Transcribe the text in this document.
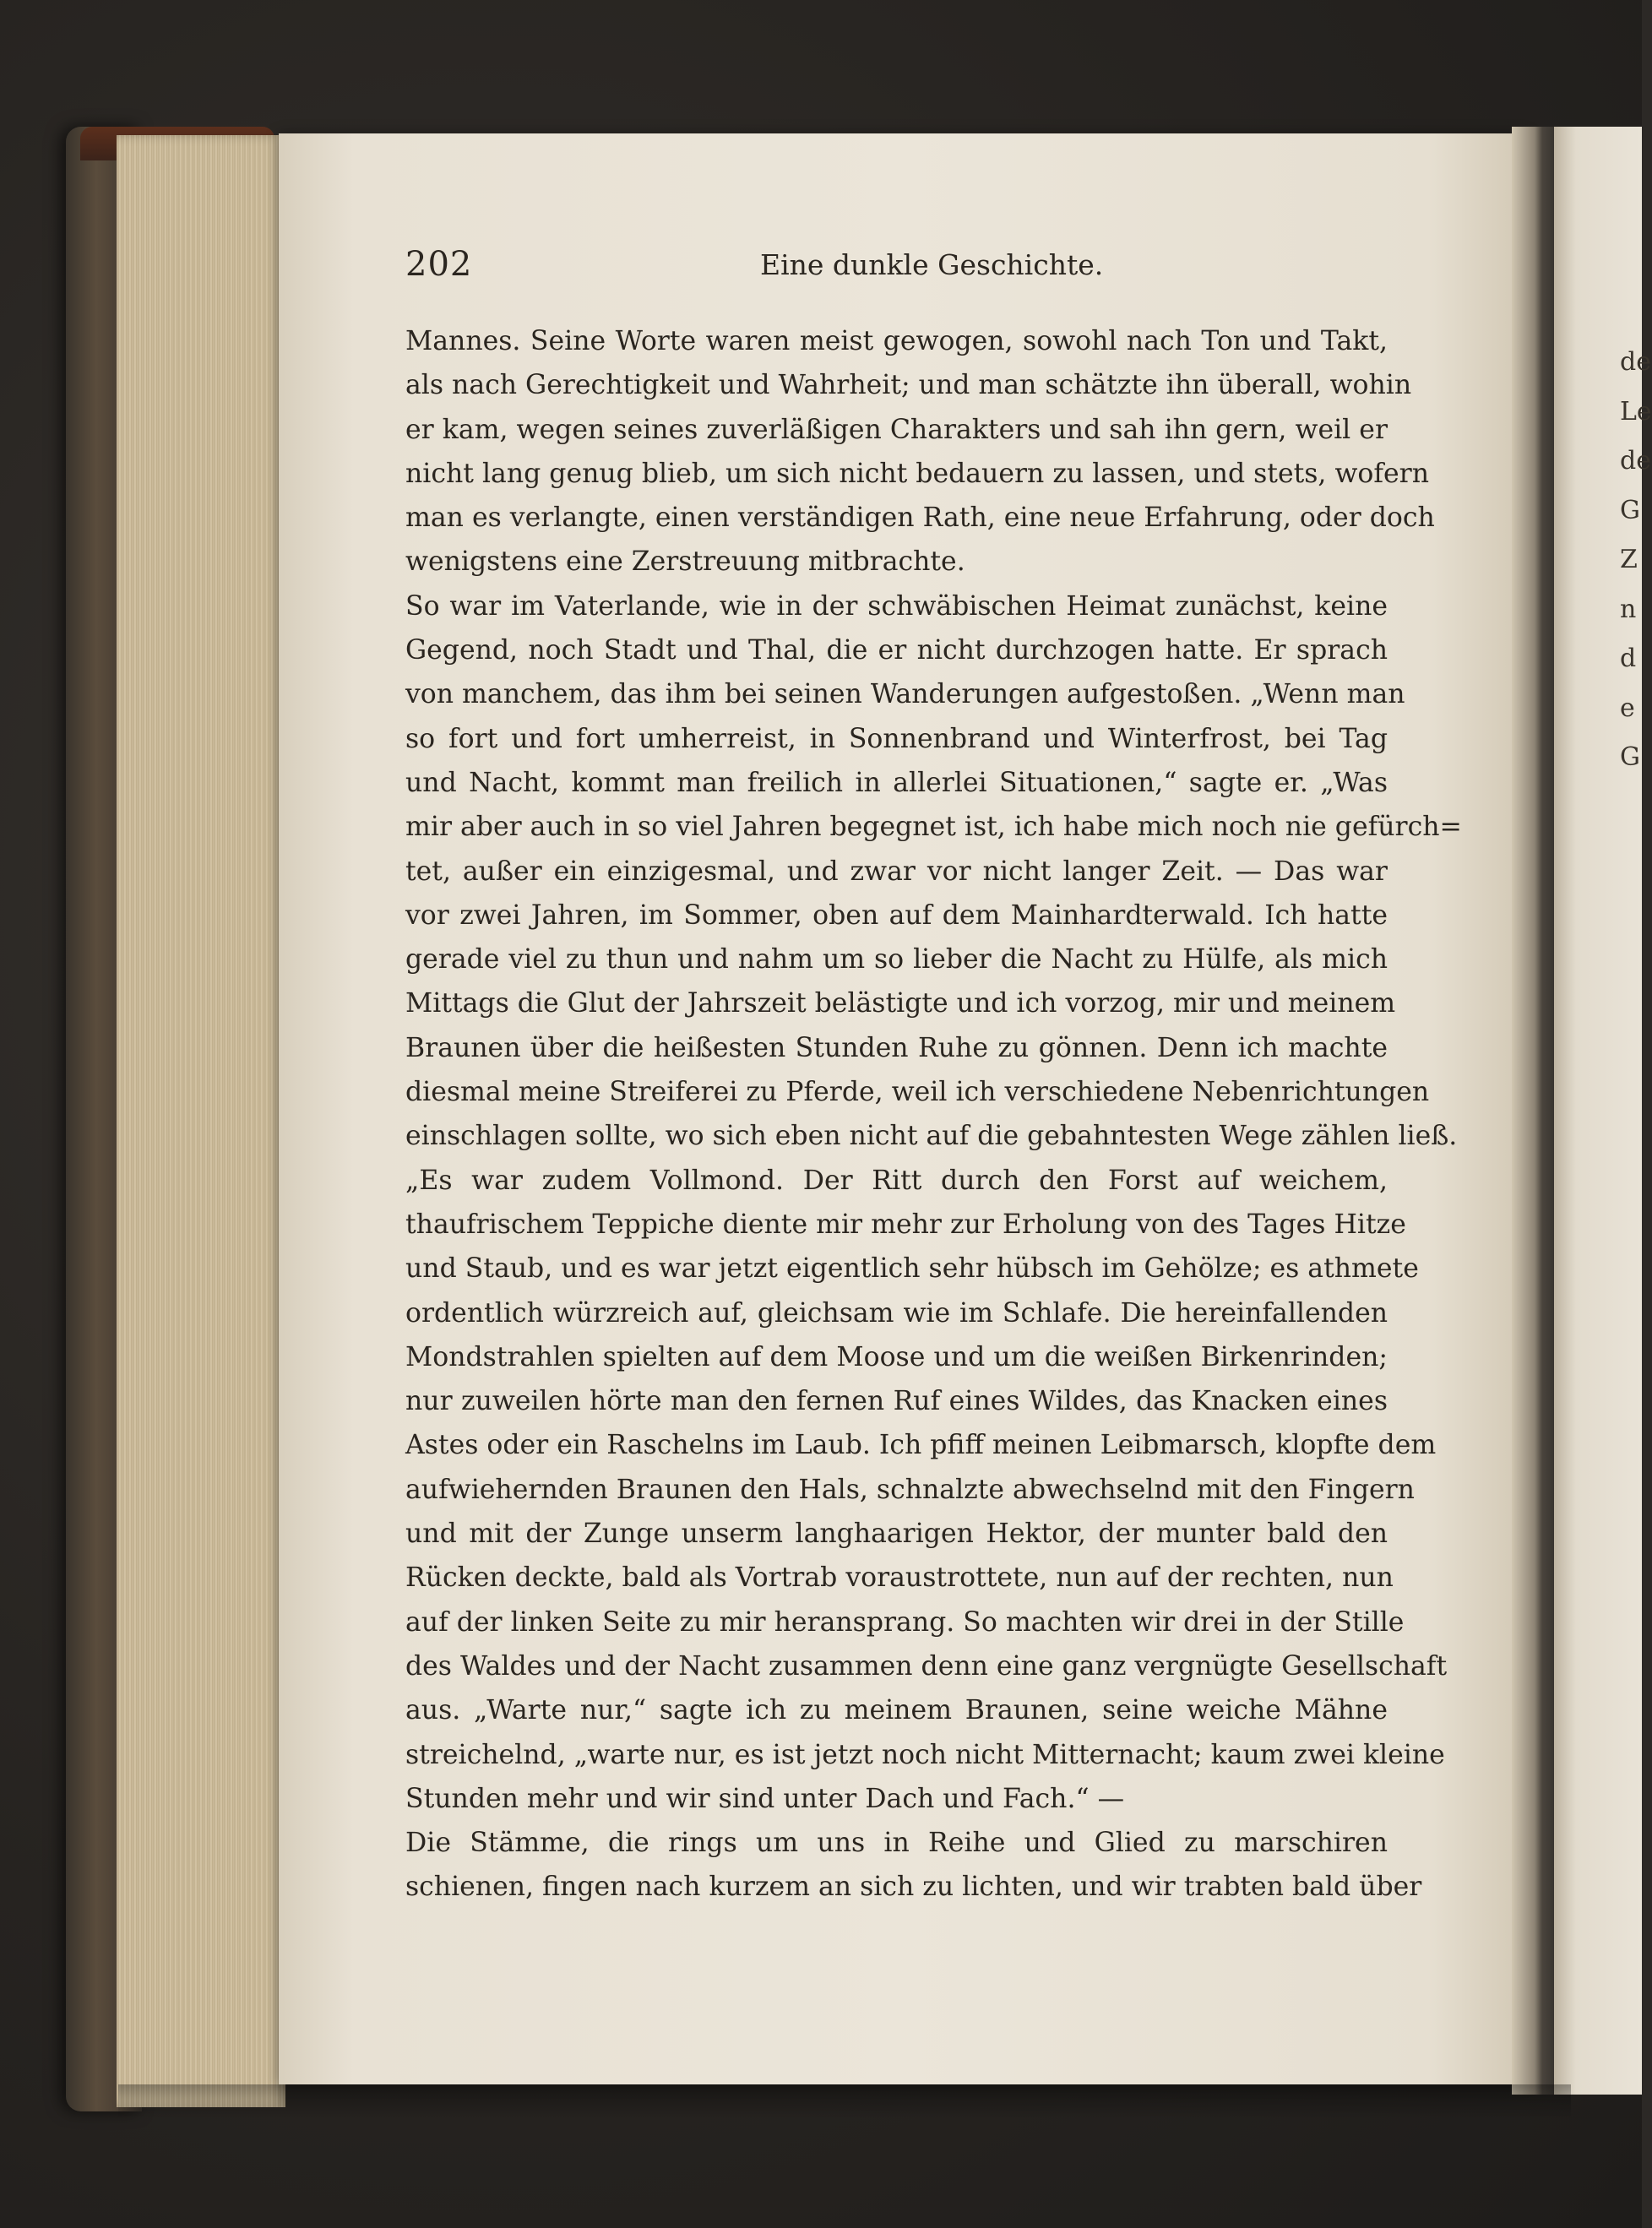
202	Eine dunkle Geschichte.
Mannes. Seine Worte waren meist gewogen, sowohl nach Ton und Takt,
als nach Gerechtigkeit und Wahrheit; und man schätzte ihn überall, wohin
er kam, wegen seines zuverläßigen Charakters und sah ihn gern, weil er
nicht lang genug blieb, um sich nicht bedauern zu lassen, und stets, wofern
man es verlangte, einen verständigen Rath, eine neue Erfahrung, oder doch
wenigstens eine Zerstreuung mitbrachte.
So war im Vaterlande, wie in der schwäbischen Heimat zunächst, keine
Gegend, noch Stadt und Thal, die er nicht durchzogen hatte. Er sprach
von manchem, das ihm bei seinen Wanderungen aufgestoßen. „Wenn man
so fort und fort umherreist, in Sonnenbrand und Winterfrost, bei Tag
und Nacht, kommt man freilich in allerlei Situationen,“ sagte er. „Was
mir aber auch in so viel Jahren begegnet ist, ich habe mich noch nie gefürch=
tet, außer ein einzigesmal, und zwar vor nicht langer Zeit. — Das war
vor zwei Jahren, im Sommer, oben auf dem Mainhardterwald. Ich hatte
gerade viel zu thun und nahm um so lieber die Nacht zu Hülfe, als mich
Mittags die Glut der Jahrszeit belästigte und ich vorzog, mir und meinem
Braunen über die heißesten Stunden Ruhe zu gönnen. Denn ich machte
diesmal meine Streiferei zu Pferde, weil ich verschiedene Nebenrichtungen
einschlagen sollte, wo sich eben nicht auf die gebahntesten Wege zählen ließ.
„Es war zudem Vollmond. Der Ritt durch den Forst auf weichem,
thaufrischem Teppiche diente mir mehr zur Erholung von des Tages Hitze
und Staub, und es war jetzt eigentlich sehr hübsch im Gehölze; es athmete
ordentlich würzreich auf, gleichsam wie im Schlafe. Die hereinfallenden
Mondstrahlen spielten auf dem Moose und um die weißen Birkenrinden;
nur zuweilen hörte man den fernen Ruf eines Wildes, das Knacken eines
Astes oder ein Raschelns im Laub. Ich pfiff meinen Leibmarsch, klopfte dem
aufwiehernden Braunen den Hals, schnalzte abwechselnd mit den Fingern
und mit der Zunge unserm langhaarigen Hektor, der munter bald den
Rücken deckte, bald als Vortrab voraustrottete, nun auf der rechten, nun
auf der linken Seite zu mir heransprang. So machten wir drei in der Stille
des Waldes und der Nacht zusammen denn eine ganz vergnügte Gesellschaft
aus. „Warte nur,“ sagte ich zu meinem Braunen, seine weiche Mähne
streichelnd, „warte nur, es ist jetzt noch nicht Mitternacht; kaum zwei kleine
Stunden mehr und wir sind unter Dach und Fach.“ —
Die Stämme, die rings um uns in Reihe und Glied zu marschiren
schienen, fingen nach kurzem an sich zu lichten, und wir trabten bald über
de
Le
de
G
Z
n
d
e
G
